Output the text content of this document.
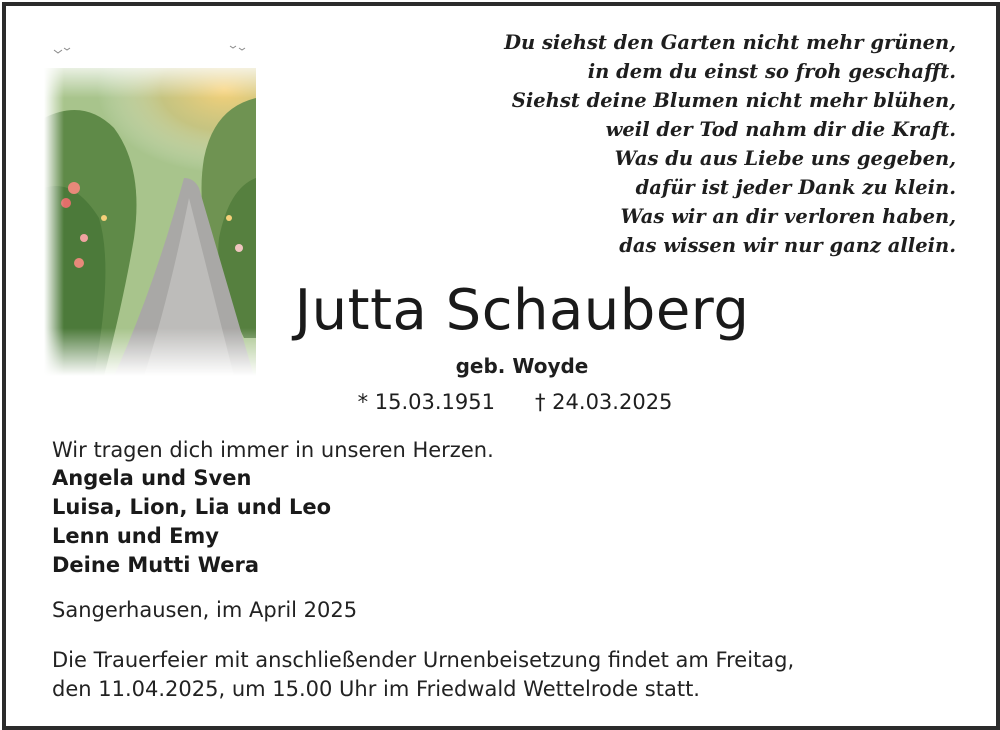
Du siehst den Garten nicht mehr grünen,
in dem du einst so froh geschafft.
Siehst deine Blumen nicht mehr blühen,
weil der Tod nahm dir die Kraft.
Was du aus Liebe uns gegeben,
dafür ist jeder Dank zu klein.
Was wir an dir verloren haben,
das wissen wir nur ganz allein.
Jutta Schauberg
geb. Woyde
* 15.03.1951 † 24.03.2025
Wir tragen dich immer in unseren Herzen.
Angela und Sven
Luisa, Lion, Lia und Leo
Lenn und Emy
Deine Mutti Wera
Sangerhausen, im April 2025
Die Trauerfeier mit anschließender Urnenbeisetzung findet am Freitag,
den 11.04.2025, um 15.00 Uhr im Friedwald Wettelrode statt.
